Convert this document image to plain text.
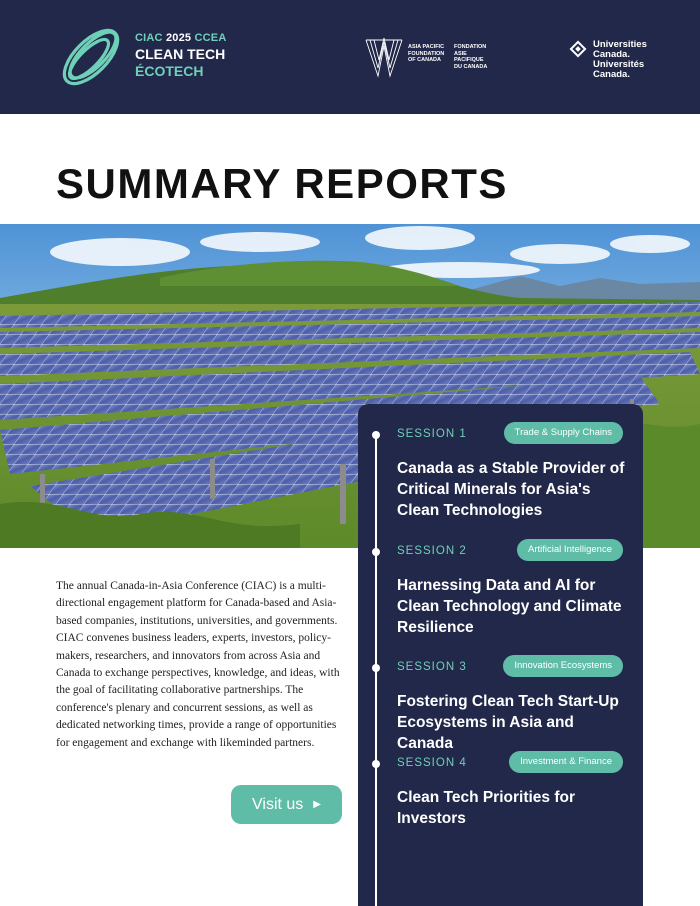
CIAC 2025 CCEA
CLEAN TECH
ÉCOTECH
ASIA PACIFIC
FOUNDATION
OF CANADA
FONDATION
ASIE PACIFIQUE
DU CANADA
Universities
Canada.
Universités
Canada.
SUMMARY REPORTS

The annual Canada-in-Asia Conference (CIAC) is a multi-directional engagement platform for Canada-based and Asia-based companies, institutions, universities, and governments. CIAC convenes business leaders, experts, investors, policy-makers, researchers, and innovators from across Asia and Canada to exchange perspectives, knowledge, and ideas, with the goal of facilitating collaborative partnerships. The conference's plenary and concurrent sessions, as well as dedicated networking times, provide a range of opportunities for engagement and exchange with likeminded partners.

Visit us ▶
SESSION 1	Trade & Supply Chains
Canada as a Stable Provider of Critical Minerals for Asia's Clean Technologies
SESSION 2	Artificial Intelligence
Harnessing Data and AI for Clean Technology and Climate Resilience
SESSION 3	Innovation Ecosystems
Fostering Clean Tech Start-Up Ecosystems in Asia and Canada
SESSION 4	Investment & Finance
Clean Tech Priorities for Investors
